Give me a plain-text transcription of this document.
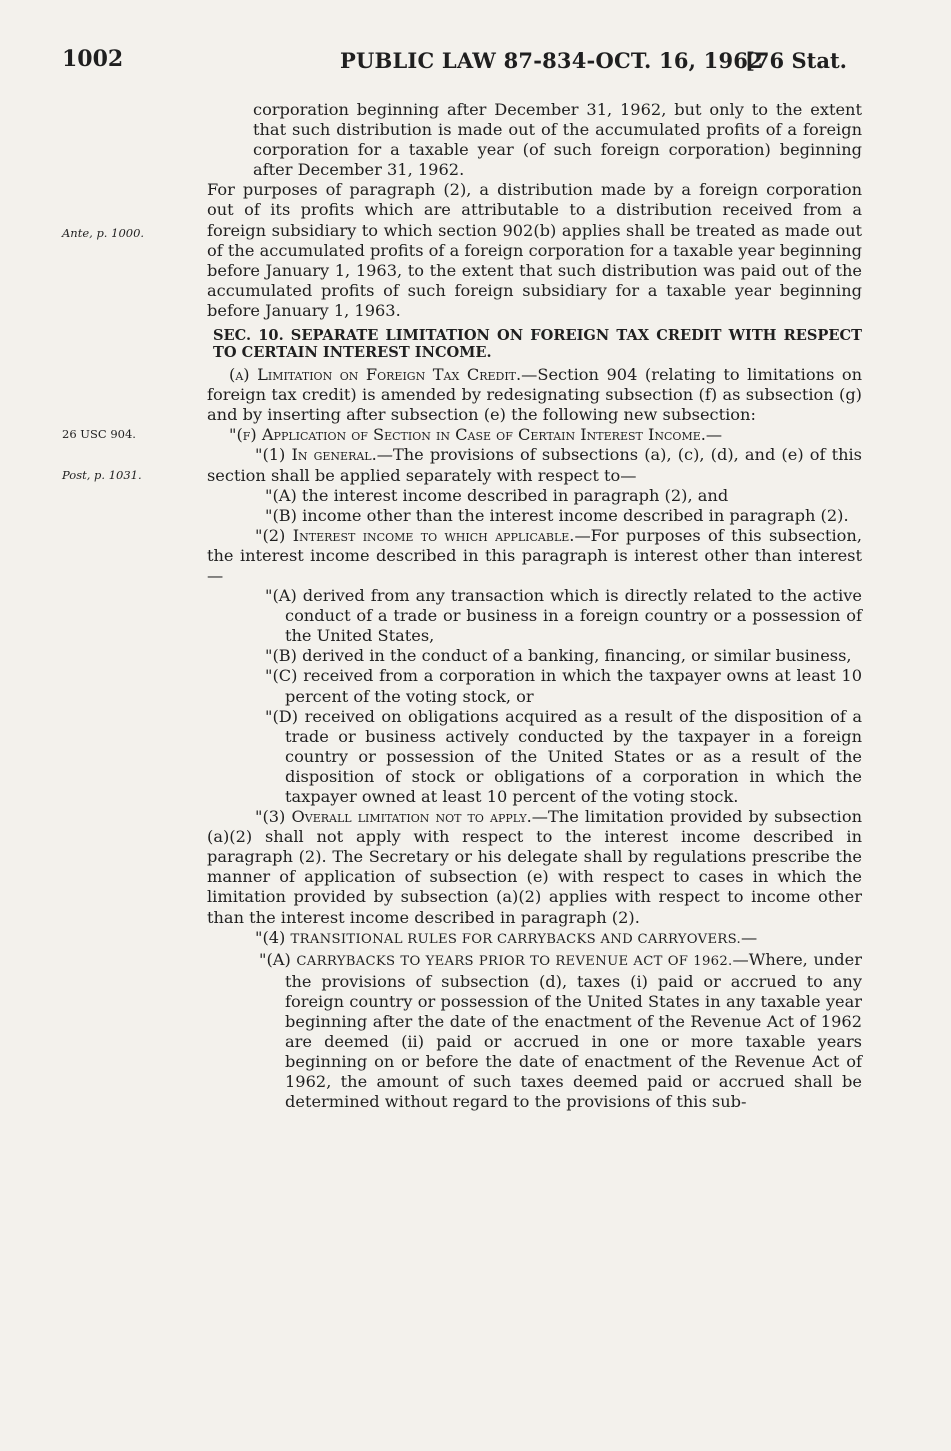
1002	PUBLIC LAW 87-834-OCT. 16, 1962
[76 Stat.
Ante, p. 1000.
26 USC 904.
Post, p. 1031.

corporation beginning after December 31, 1962, but only to the extent that such distribution is made out of the accumulated profits of a foreign corporation for a taxable year (of such foreign corporation) beginning after December 31, 1962.

For purposes of paragraph (2), a distribution made by a foreign corporation out of its profits which are attributable to a distribution received from a foreign subsidiary to which section 902(b) applies shall be treated as made out of the accumulated profits of a foreign corporation for a taxable year beginning before January 1, 1963, to the extent that such distribution was paid out of the accumulated profits of such foreign subsidiary for a taxable year beginning before January 1, 1963.

SEC. 10. SEPARATE LIMITATION ON FOREIGN TAX CREDIT WITH RESPECT TO CERTAIN INTEREST INCOME.

(a) Limitation on Foreign Tax Credit.—Section 904 (relating to limitations on foreign tax credit) is amended by redesignating subsection (f) as subsection (g) and by inserting after subsection (e) the following new subsection:

"(f) Application of Section in Case of Certain Interest Income.—

"(1) In general.—The provisions of subsections (a), (c), (d), and (e) of this section shall be applied separately with respect to—

"(A) the interest income described in paragraph (2), and

"(B) income other than the interest income described in paragraph (2).

"(2) Interest income to which applicable.—For purposes of this subsection, the interest income described in this paragraph is interest other than interest—

"(A) derived from any transaction which is directly related to the active conduct of a trade or business in a foreign country or a possession of the United States,

"(B) derived in the conduct of a banking, financing, or similar business,

"(C) received from a corporation in which the taxpayer owns at least 10 percent of the voting stock, or

"(D) received on obligations acquired as a result of the disposition of a trade or business actively conducted by the taxpayer in a foreign country or possession of the United States or as a result of the disposition of stock or obligations of a corporation in which the taxpayer owned at least 10 percent of the voting stock.

"(3) Overall limitation not to apply.—The limitation provided by subsection (a)(2) shall not apply with respect to the interest income described in paragraph (2). The Secretary or his delegate shall by regulations prescribe the manner of application of subsection (e) with respect to cases in which the limitation provided by subsection (a)(2) applies with respect to income other than the interest income described in paragraph (2).

"(4) TRANSITIONAL RULES FOR CARRYBACKS AND CARRYOVERS.—

"(A) CARRYBACKS TO YEARS PRIOR TO REVENUE ACT OF 1962.—Where, under the provisions of subsection (d), taxes (i) paid or accrued to any foreign country or possession of the United States in any taxable year beginning after the date of the enactment of the Revenue Act of 1962 are deemed (ii) paid or accrued in one or more taxable years beginning on or before the date of enactment of the Revenue Act of 1962, the amount of such taxes deemed paid or accrued shall be determined without regard to the provisions of this sub-
